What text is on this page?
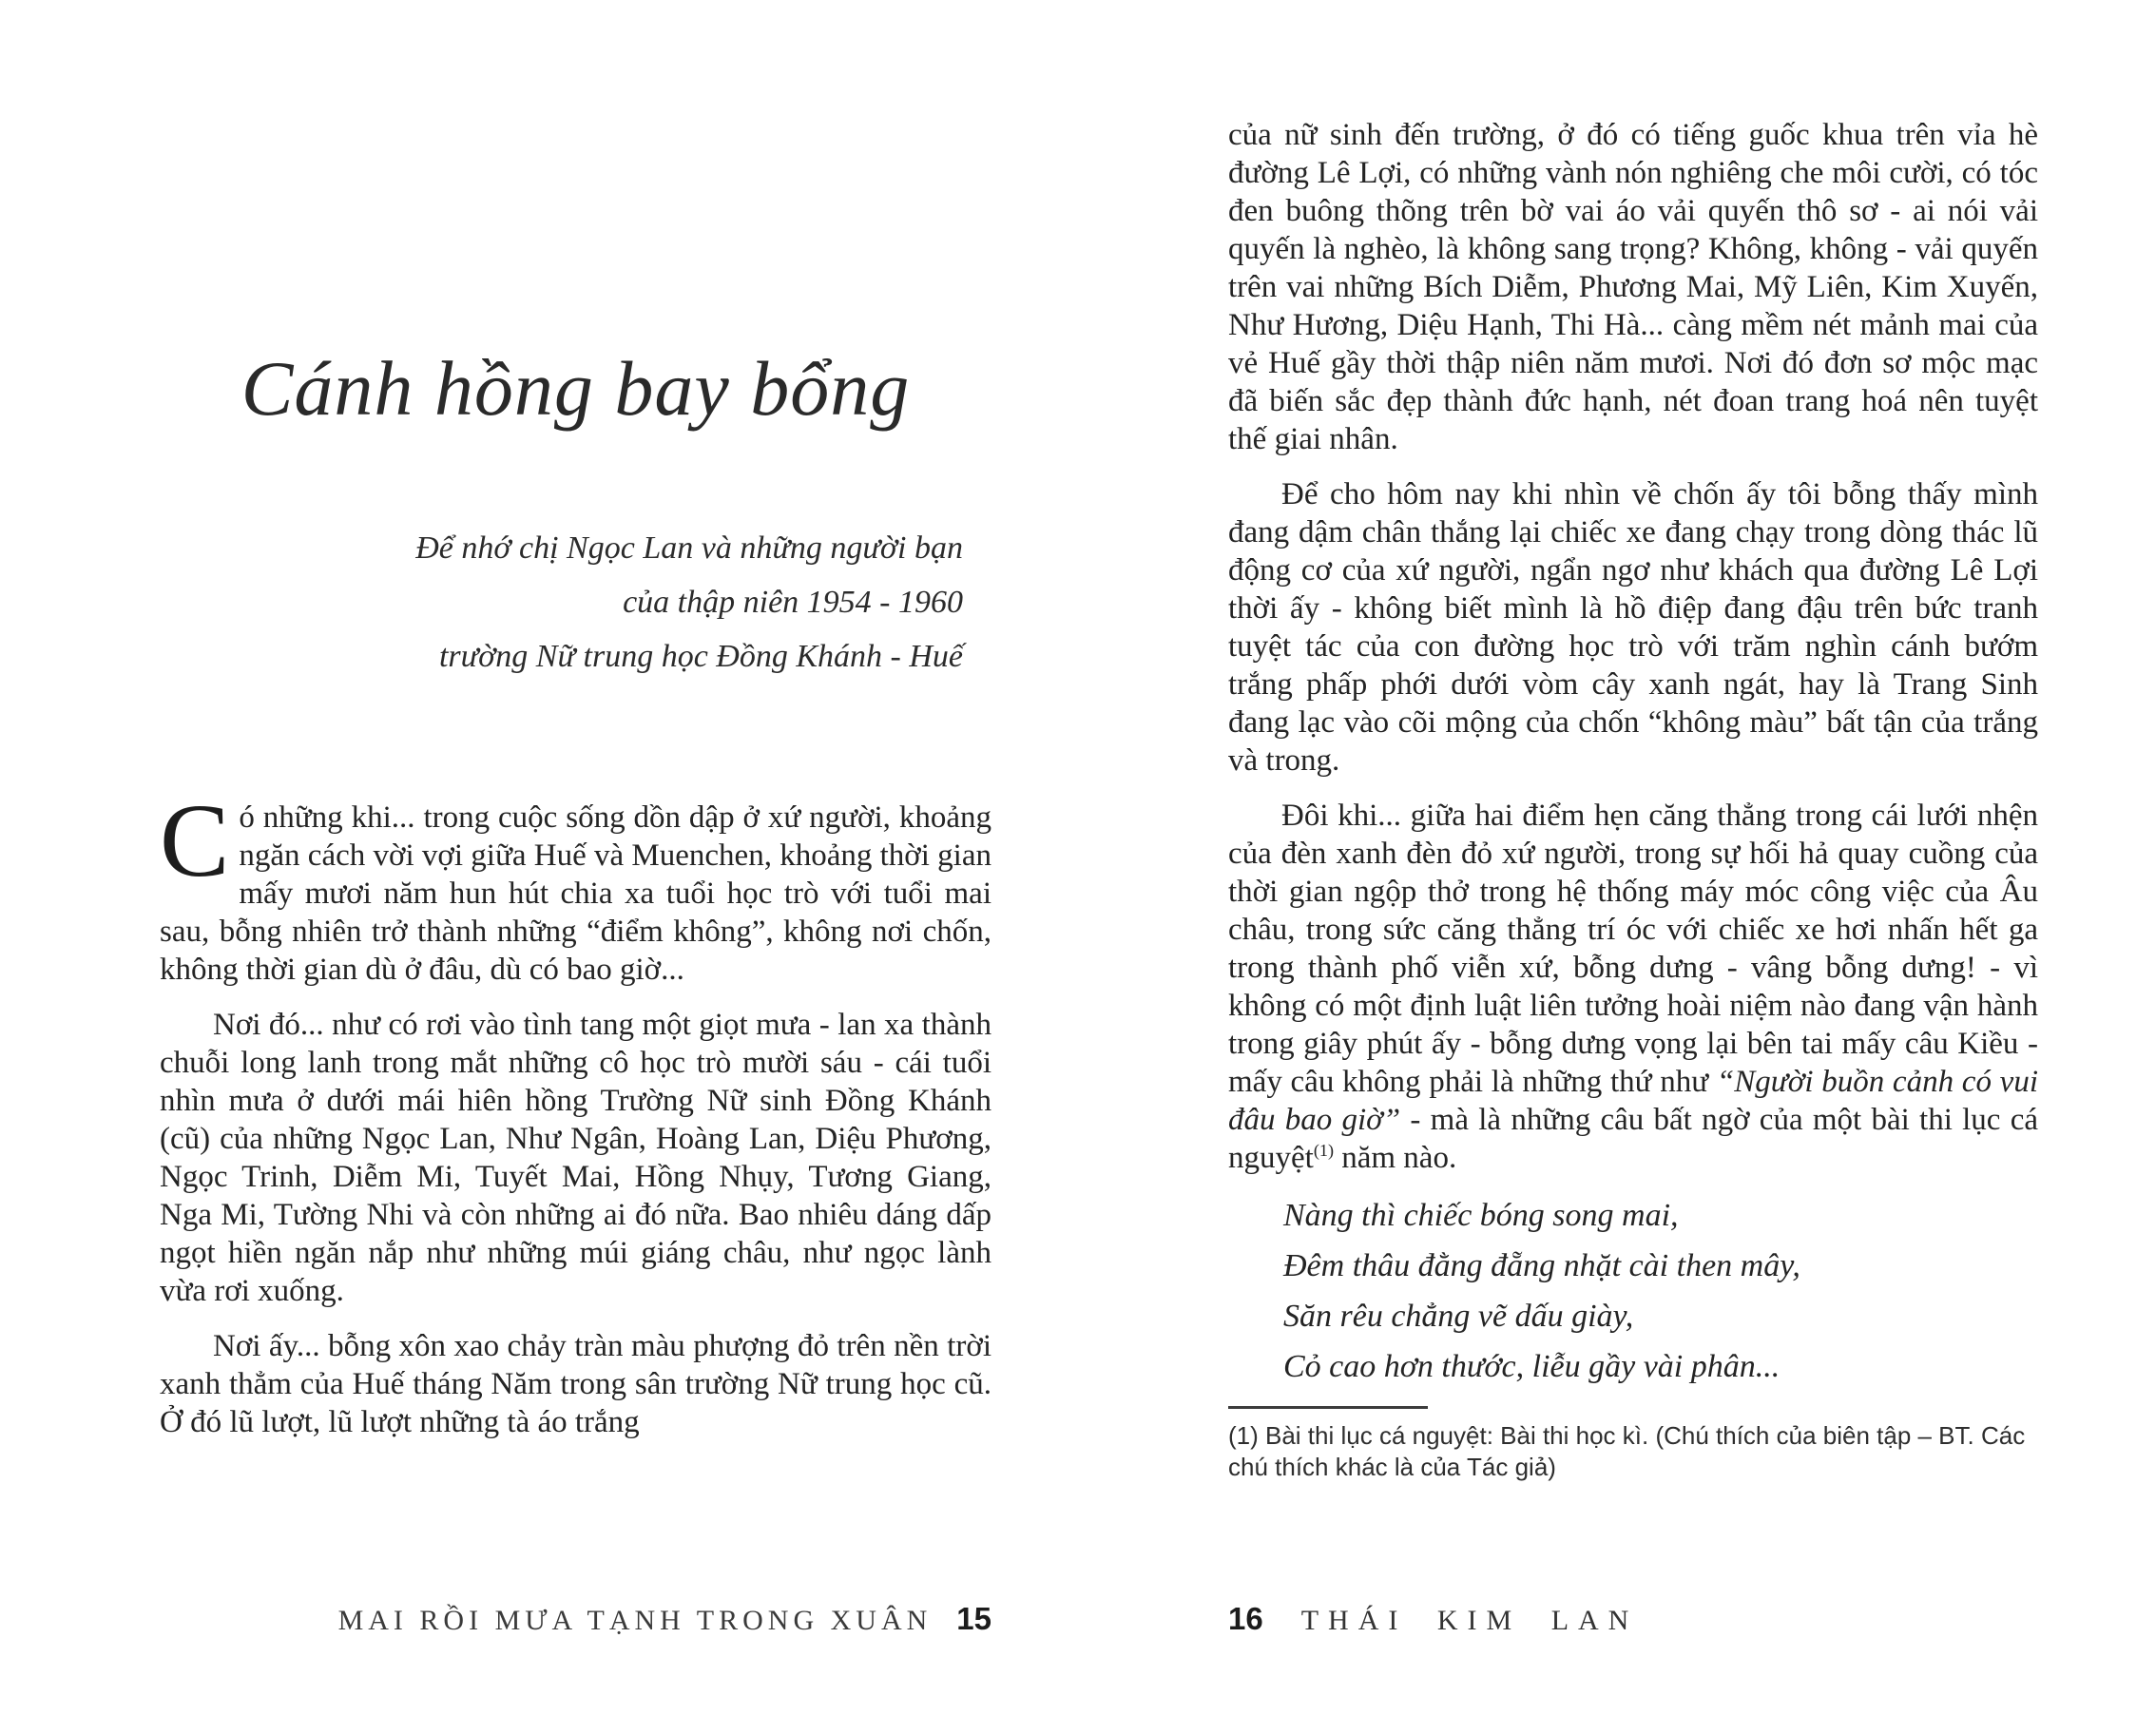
Cánh hồng bay bổng
Để nhớ chị Ngọc Lan và những người bạn
của thập niên 1954 - 1960
trường Nữ trung học Đồng Khánh - Huế

Có những khi... trong cuộc sống dồn dập ở xứ người, khoảng ngăn cách vời vợi giữa Huế và Muenchen, khoảng thời gian mấy mươi năm hun hút chia xa tuổi học trò với tuổi mai sau, bỗng nhiên trở thành những “điểm không”, không nơi chốn, không thời gian dù ở đâu, dù có bao giờ...

Nơi đó... như có rơi vào tình tang một giọt mưa - lan xa thành chuỗi long lanh trong mắt những cô học trò mười sáu - cái tuổi nhìn mưa ở dưới mái hiên hồng Trường Nữ sinh Đồng Khánh (cũ) của những Ngọc Lan, Như Ngân, Hoàng Lan, Diệu Phương, Ngọc Trinh, Diễm Mi, Tuyết Mai, Hồng Nhụy, Tương Giang, Nga Mi, Tường Nhi và còn những ai đó nữa. Bao nhiêu dáng dấp ngọt hiền ngăn nắp như những múi giáng châu, như ngọc lành vừa rơi xuống.

Nơi ấy... bỗng xôn xao chảy tràn màu phượng đỏ trên nền trời xanh thẳm của Huế tháng Năm trong sân trường Nữ trung học cũ. Ở đó lũ lượt, lũ lượt những tà áo trắng

MAI RỒI MƯA TẠNH TRONG XUÂN 15

của nữ sinh đến trường, ở đó có tiếng guốc khua trên vỉa hè đường Lê Lợi, có những vành nón nghiêng che môi cười, có tóc đen buông thõng trên bờ vai áo vải quyến thô sơ - ai nói vải quyến là nghèo, là không sang trọng? Không, không - vải quyến trên vai những Bích Diễm, Phương Mai, Mỹ Liên, Kim Xuyến, Như Hương, Diệu Hạnh, Thi Hà... càng mềm nét mảnh mai của vẻ Huế gầy thời thập niên năm mươi. Nơi đó đơn sơ mộc mạc đã biến sắc đẹp thành đức hạnh, nét đoan trang hoá nên tuyệt thế giai nhân.

Để cho hôm nay khi nhìn về chốn ấy tôi bỗng thấy mình đang dậm chân thắng lại chiếc xe đang chạy trong dòng thác lũ động cơ của xứ người, ngẩn ngơ như khách qua đường Lê Lợi thời ấy - không biết mình là hồ điệp đang đậu trên bức tranh tuyệt tác của con đường học trò với trăm nghìn cánh bướm trắng phấp phới dưới vòm cây xanh ngát, hay là Trang Sinh đang lạc vào cõi mộng của chốn “không màu” bất tận của trắng và trong.

Đôi khi... giữa hai điểm hẹn căng thẳng trong cái lưới nhện của đèn xanh đèn đỏ xứ người, trong sự hối hả quay cuồng của thời gian ngộp thở trong hệ thống máy móc công việc của Âu châu, trong sức căng thẳng trí óc với chiếc xe hơi nhấn hết ga trong thành phố viễn xứ, bỗng dưng - vâng bỗng dưng! - vì không có một định luật liên tưởng hoài niệm nào đang vận hành trong giây phút ấy - bỗng dưng vọng lại bên tai mấy câu Kiều - mấy câu không phải là những thứ như “Người buồn cảnh có vui đâu bao giờ” - mà là những câu bất ngờ của một bài thi lục cá nguyệt$^{(1)}$ năm nào.

Nàng thì chiếc bóng song mai,
Đêm thâu đằng đẵng nhặt cài then mây,
Săn rêu chẳng vẽ dấu giày,
Cỏ cao hơn thước, liễu gầy vài phân...
(1) Bài thi lục cá nguyệt: Bài thi học kì. (Chú thích của biên tập – BT. Các chú thích khác là của Tác giả)
16 THÁI KIM LAN
